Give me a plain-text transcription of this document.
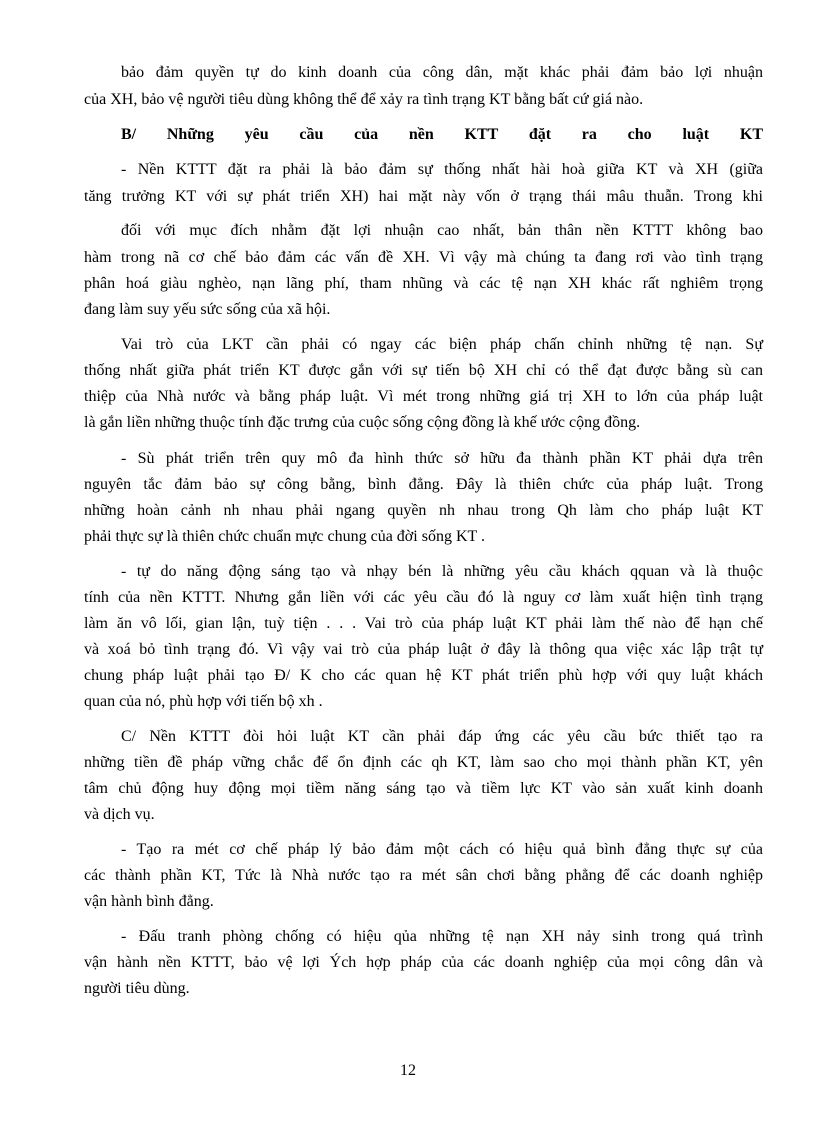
bảo đảm quyền tự do kinh doanh của công dân, mặt khác phải đảm bảo lợi nhuận
của XH, bảo vệ người tiêu dùng không thể để xảy ra tình trạng KT bằng bất cứ giá nào.
B/ Những yêu cầu của nền KTT đặt ra cho luật KT
- Nền KTTT đặt ra phải là bảo đảm sự thống nhất hài hoà giữa KT và XH (giữa
tăng trưởng KT với sự phát triển XH) hai mặt này vốn ở trạng thái mâu thuẫn. Trong khi
đối với mục đích nhằm đặt lợi nhuận cao nhất, bản thân nền KTTT không bao
hàm trong nã cơ chế bảo đảm các vấn đề XH. Vì vậy mà chúng ta đang rơi vào tình trạng
phân hoá giàu nghèo, nạn lãng phí, tham nhũng và các tệ nạn XH khác rất nghiêm trọng
đang làm suy yếu sức sống của xã hội.
Vai trò của LKT cần phải có ngay các biện pháp chấn chỉnh những tệ nạn. Sự
thống nhất giữa phát triển KT được gắn với sự tiến bộ XH chỉ có thể đạt được bằng sù can
thiệp của Nhà nước và bằng pháp luật. Vì mét trong những giá trị XH to lớn của pháp luật
là gắn liền những thuộc tính đặc trưng của cuộc sống cộng đồng là khế ước cộng đồng.
- Sù phát triển trên quy mô đa hình thức sở hữu đa thành phần KT phải dựa trên
nguyên tắc đảm bảo sự công bằng, bình đẳng. Đây là thiên chức của pháp luật. Trong
những hoàn cảnh nh nhau phải ngang quyền nh nhau trong Qh làm cho pháp luật KT
phải thực sự là thiên chức chuẩn mực chung của đời sống KT .
- tự do năng động sáng tạo và nhạy bén là những yêu cầu khách qquan và là thuộc
tính của nền KTTT. Nhưng gắn liền với các yêu cầu đó là nguy cơ làm xuất hiện tình trạng
làm ăn vô lối, gian lận, tuỳ tiện . . . Vai trò của pháp luật KT phải làm thế nào để hạn chế
và xoá bỏ tình trạng đó. Vì vậy vai trò của pháp luật ở đây là thông qua việc xác lập trật tự
chung pháp luật phải tạo Đ/ K cho các quan hệ KT phát triển phù hợp với quy luật khách
quan của nó, phù hợp với tiến bộ xh .
C/ Nền KTTT đòi hỏi luật KT cần phải đáp ứng các yêu cầu bức thiết tạo ra
những tiền đề pháp vững chắc để ổn định các qh KT, làm sao cho mọi thành phần KT, yên
tâm chủ động huy động mọi tiềm năng sáng tạo và tiềm lực KT vào sản xuất kinh doanh
và dịch vụ.
- Tạo ra mét cơ chế pháp lý bảo đảm một cách có hiệu quả bình đẳng thực sự của
các thành phần KT, Tức là Nhà nước tạo ra mét sân chơi bằng phẳng để các doanh nghiệp
vận hành bình đẳng.
- Đấu tranh phòng chống có hiệu qủa những tệ nạn XH nảy sinh trong quá trình
vận hành nền KTTT, bảo vệ lợi Ých hợp pháp của các doanh nghiệp của mọi công dân và
người tiêu dùng.
12
